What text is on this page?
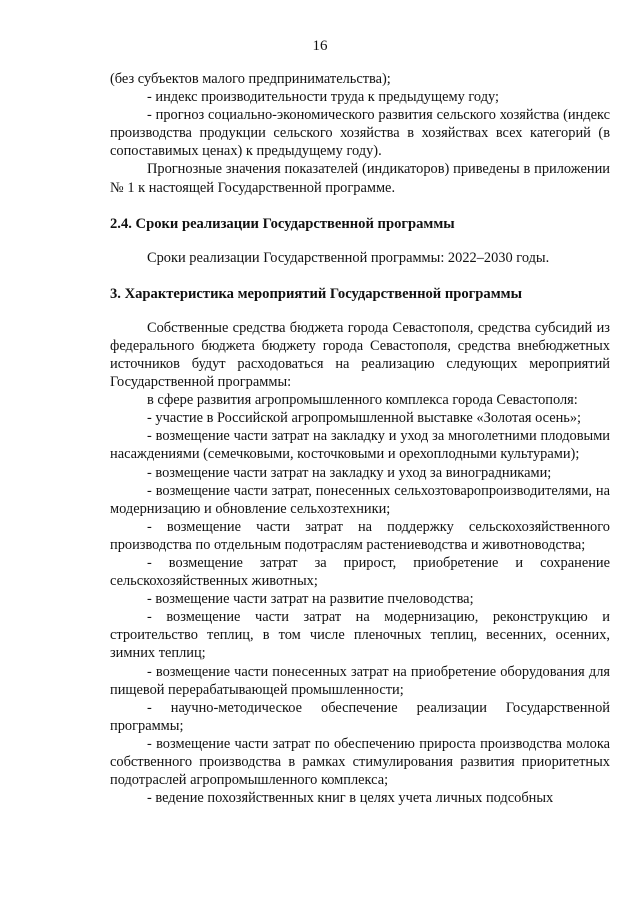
16

(без субъектов малого предпринимательства);

- индекс производительности труда к предыдущему году;

- прогноз социально-экономического развития сельского хозяйства (индекс производства продукции сельского хозяйства в хозяйствах всех категорий (в сопоставимых ценах) к предыдущему году).

Прогнозные значения показателей (индикаторов) приведены в приложении № 1 к настоящей Государственной программе.

2.4. Сроки реализации Государственной программы

Сроки реализации Государственной программы: 2022–2030 годы.

3. Характеристика мероприятий Государственной программы

Собственные средства бюджета города Севастополя, средства субсидий из федерального бюджета бюджету города Севастополя, средства внебюджетных источников будут расходоваться на реализацию следующих мероприятий Государственной программы:

в сфере развития агропромышленного комплекса города Севастополя:

- участие в Российской агропромышленной выставке «Золотая осень»;

- возмещение части затрат на закладку и уход за многолетними плодовыми насаждениями (семечковыми, косточковыми и орехоплодными культурами);

- возмещение части затрат на закладку и уход за виноградниками;

- возмещение части затрат, понесенных сельхозтоваропроизводителями, на модернизацию и обновление сельхозтехники;

- возмещение части затрат на поддержку сельскохозяйственного производства по отдельным подотраслям растениеводства и животноводства;

- возмещение затрат за прирост, приобретение и сохранение сельскохозяйственных животных;

- возмещение части затрат на развитие пчеловодства;

- возмещение части затрат на модернизацию, реконструкцию и строительство теплиц, в том числе пленочных теплиц, весенних, осенних, зимних теплиц;

- возмещение части понесенных затрат на приобретение оборудования для пищевой перерабатывающей промышленности;

- научно-методическое обеспечение реализации Государственной программы;

- возмещение части затрат по обеспечению прироста производства молока собственного производства в рамках стимулирования развития приоритетных подотраслей агропромышленного комплекса;

- ведение похозяйственных книг в целях учета личных подсобных
